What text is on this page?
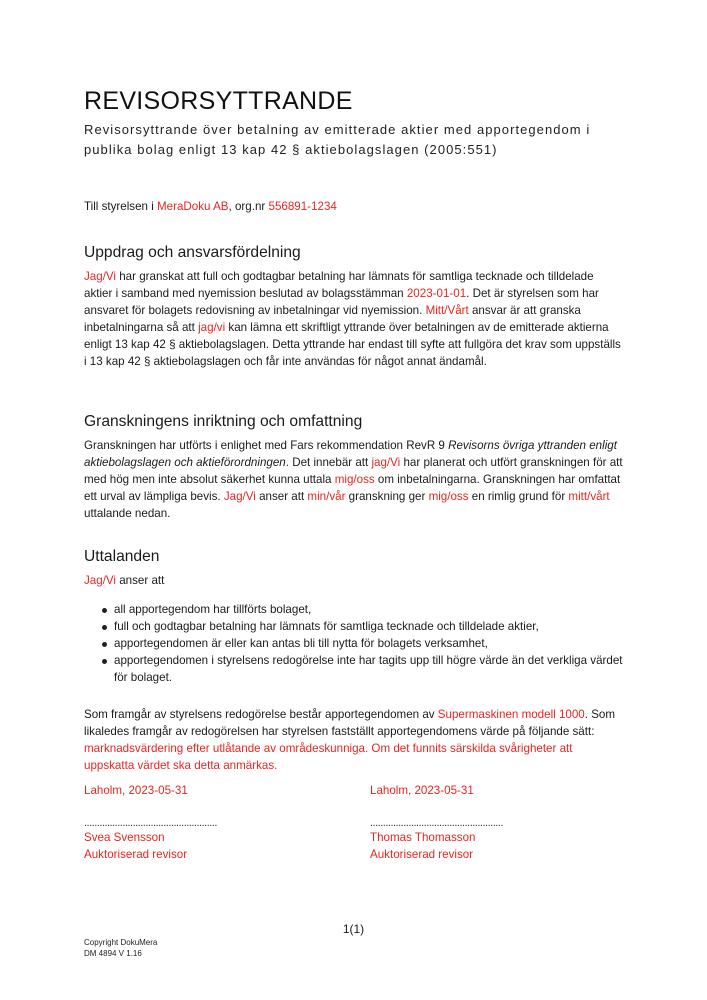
REVISORSYTTRANDE
Revisorsyttrande över betalning av emitterade aktier med apportegendom i publika bolag enligt 13 kap 42 § aktiebolagslagen (2005:551)

Till styrelsen i MeraDoku AB, org.nr 556891-1234

Uppdrag och ansvarsfördelning

Jag/Vi har granskat att full och godtagbar betalning har lämnats för samtliga tecknade och tilldelade aktier i samband med nyemission beslutad av bolagsstämman 2023-01-01. Det är styrelsen som har ansvaret för bolagets redovisning av inbetalningar vid nyemission. Mitt/Vårt ansvar är att granska inbetalningarna så att jag/vi kan lämna ett skriftligt yttrande över betalningen av de emitterade aktierna enligt 13 kap 42 § aktiebolagslagen. Detta yttrande har endast till syfte att fullgöra det krav som uppställs i 13 kap 42 § aktiebolagslagen och får inte användas för något annat ändamål.

Granskningens inriktning och omfattning

Granskningen har utförts i enlighet med Fars rekommendation RevR 9 Revisorns övriga yttranden enligt aktiebolagslagen och aktieförordningen. Det innebär att jag/Vi har planerat och utfört granskningen för att med hög men inte absolut säkerhet kunna uttala mig/oss om inbetalningarna. Granskningen har omfattat ett urval av lämpliga bevis. Jag/Vi anser att min/vår granskning ger mig/oss en rimlig grund för mitt/vårt uttalande nedan.

Uttalanden

Jag/Vi anser att

all apportegendom har tillförts bolaget,
full och godtagbar betalning har lämnats för samtliga tecknade och tilldelade aktier,
apportegendomen är eller kan antas bli till nytta för bolagets verksamhet,
apportegendomen i styrelsens redogörelse inte har tagits upp till högre värde än det verkliga värdet för bolaget.

Som framgår av styrelsens redogörelse består apportegendomen av Supermaskinen modell 1000. Som likaledes framgår av redogörelsen har styrelsen fastställt apportegendomens värde på följande sätt: marknadsvärdering efter utlåtande av områdeskunniga. Om det funnits särskilda svårigheter att uppskatta värdet ska detta anmärkas.

Laholm, 2023-05-31

....................................................

Svea Svensson

Auktoriserad revisor

Laholm, 2023-05-31

....................................................

Thomas Thomasson

Auktoriserad revisor

1(1)
Copyright DokuMera
DM 4894 V 1.16
